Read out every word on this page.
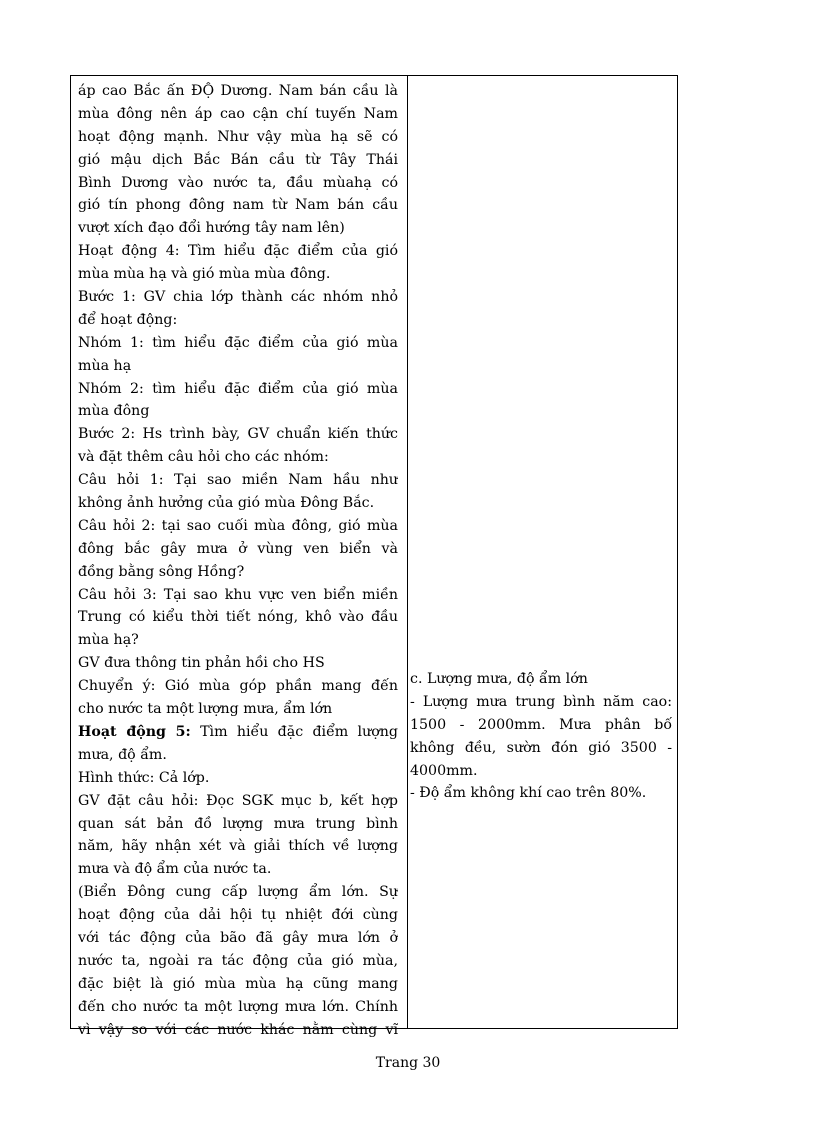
áp cao Bắc ấn ĐỘ Dương. Nam bán cầu là
mùa đông nên áp cao cận chí tuyến Nam
hoạt động mạnh. Như vậy mùa hạ sẽ có
gió mậu dịch Bắc Bán cầu từ Tây Thái
Bình Dương vào nước ta, đầu mùahạ có
gió tín phong đông nam từ Nam bán cầu
vượt xích đạo đổi hướng tây nam lên)
Hoạt động 4: Tìm hiểu đặc điểm của gió
mùa mùa hạ và gió mùa mùa đông.
Bước 1: GV chia lớp thành các nhóm nhỏ
để hoạt động:
Nhóm 1: tìm hiểu đặc điểm của gió mùa
mùa hạ
Nhóm 2: tìm hiểu đặc điểm của gió mùa
mùa đông
Bước 2: Hs trình bày, GV chuẩn kiến thức
và đặt thêm câu hỏi cho các nhóm:
Câu hỏi 1: Tại sao miền Nam hầu như
không ảnh hưởng của gió mùa Đông Bắc.
Câu hỏi 2: tại sao cuối mùa đông, gió mùa
đông bắc gây mưa ở vùng ven biển và
đồng bằng sông Hồng?
Câu hỏi 3: Tại sao khu vực ven biển miền
Trung có kiểu thời tiết nóng, khô vào đầu
mùa hạ?
GV đưa thông tin phản hồi cho HS
Chuyển ý: Gió mùa góp phần mang đến
cho nước ta một lượng mưa, ẩm lớn
Hoạt động 5: Tìm hiểu đặc điểm lượng
mưa, độ ẩm.
Hình thức: Cả lớp.
GV đặt câu hỏi: Đọc SGK mục b, kết hợp
quan sát bản đồ lượng mưa trung bình
năm, hãy nhận xét và giải thích về lượng
mưa và độ ẩm của nước ta.
(Biển Đông cung cấp lượng ẩm lớn. Sự
hoạt động của dải hội tụ nhiệt đới cùng
với tác động của bão đã gây mưa lớn ở
nước ta, ngoài ra tác động của gió mùa,
đặc biệt là gió mùa mùa hạ cũng mang
đến cho nước ta một lượng mưa lớn. Chính
vì vậy so với các nước khác nằm cùng vĩ
c. Lượng mưa, độ ẩm lớn
- Lượng mưa trung bình năm cao:
1500 - 2000mm. Mưa phân bố
không đều, sườn đón gió 3500 -
4000mm.
- Độ ẩm không khí cao trên 80%.
Trang 30
